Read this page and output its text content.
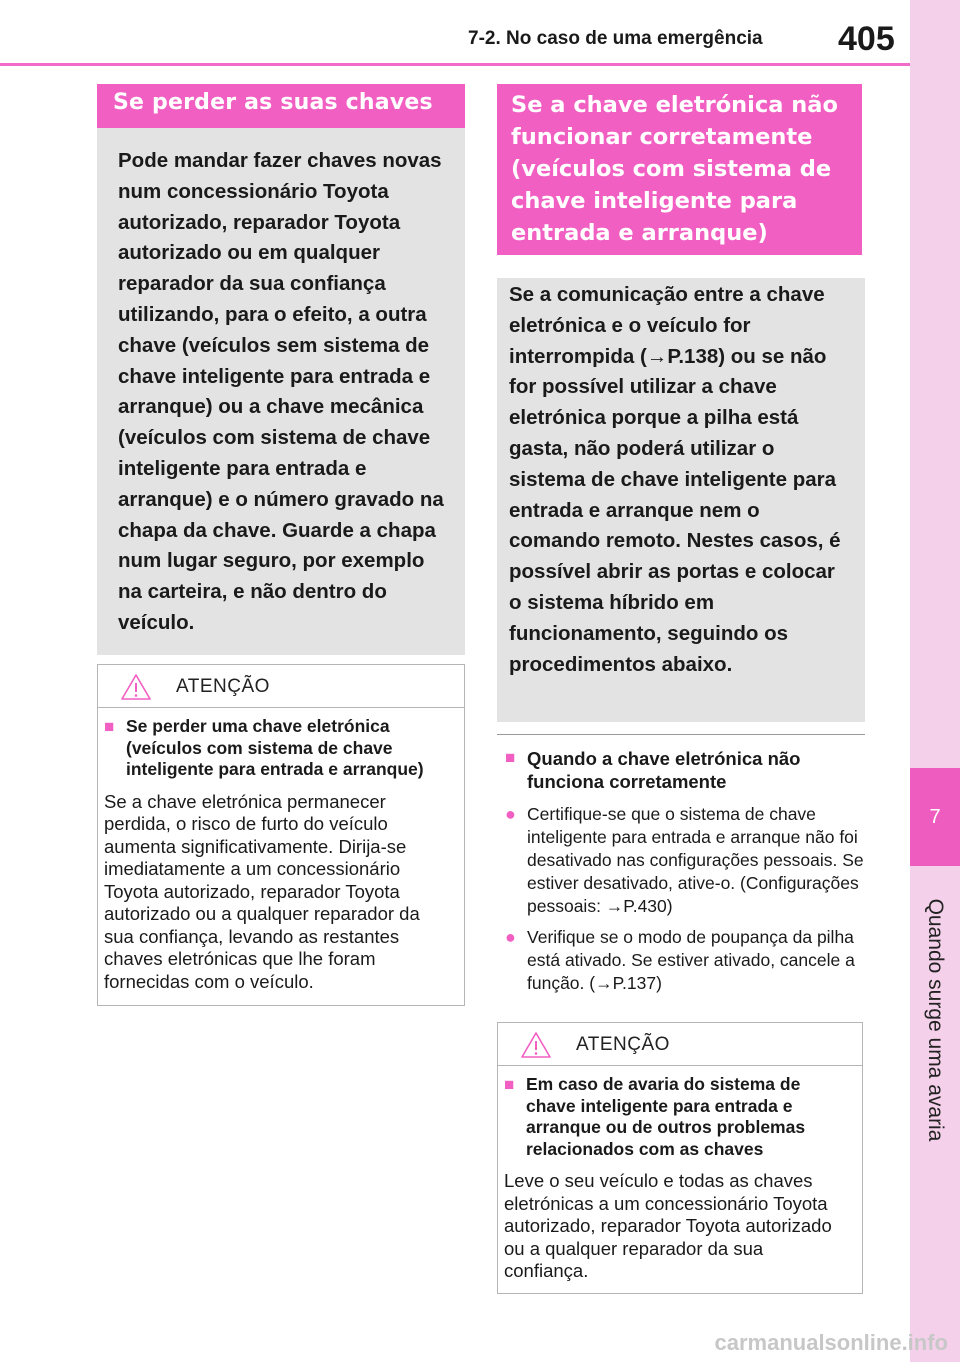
7-2. No caso de uma emergência 405
7
Quando surge uma avaria
Se perder as suas chaves
Pode mandar fazer chaves novas num concessionário Toyota autorizado, reparador Toyota autorizado ou em qualquer reparador da sua confiança utilizando, para o efeito, a outra chave (veículos sem sistema de chave inteligente para entrada e arranque) ou a chave mecânica (veículos com sistema de chave inteligente para entrada e arranque) e o número gravado na chapa da chave. Guarde a chapa num lugar seguro, por exemplo na carteira, e não dentro do veículo.
ATENÇÃO
■ Se perder uma chave eletrónica (veículos com sistema de chave inteligente para entrada e arranque)
Se a chave eletrónica permanecer perdida, o risco de furto do veículo aumenta significativamente. Dirija-se imediatamente a um concessionário Toyota autorizado, reparador Toyota autorizado ou a qualquer reparador da sua confiança, levando as restantes chaves eletrónicas que lhe foram fornecidas com o veículo.
Se a chave eletrónica não funcionar corretamente (veículos com sistema de chave inteligente para entrada e arranque)
Se a comunicação entre a chave eletrónica e o veículo for interrompida (→P.138) ou se não for possível utilizar a chave eletrónica porque a pilha está gasta, não poderá utilizar o sistema de chave inteligente para entrada e arranque nem o comando remoto. Nestes casos, é possível abrir as portas e colocar o sistema híbrido em funcionamento, seguindo os procedimentos abaixo.
■ Quando a chave eletrónica não funciona corretamente
● Certifique-se que o sistema de chave inteligente para entrada e arranque não foi desativado nas configurações pessoais. Se estiver desativado, ative-o. (Configurações pessoais: →P.430)
● Verifique se o modo de poupança da pilha está ativado. Se estiver ativado, cancele a função. (→P.137)
ATENÇÃO
■ Em caso de avaria do sistema de chave inteligente para entrada e arranque ou de outros problemas relacionados com as chaves
Leve o seu veículo e todas as chaves eletrónicas a um concessionário Toyota autorizado, reparador Toyota autorizado ou a qualquer reparador da sua confiança.
carmanualsonline.info
